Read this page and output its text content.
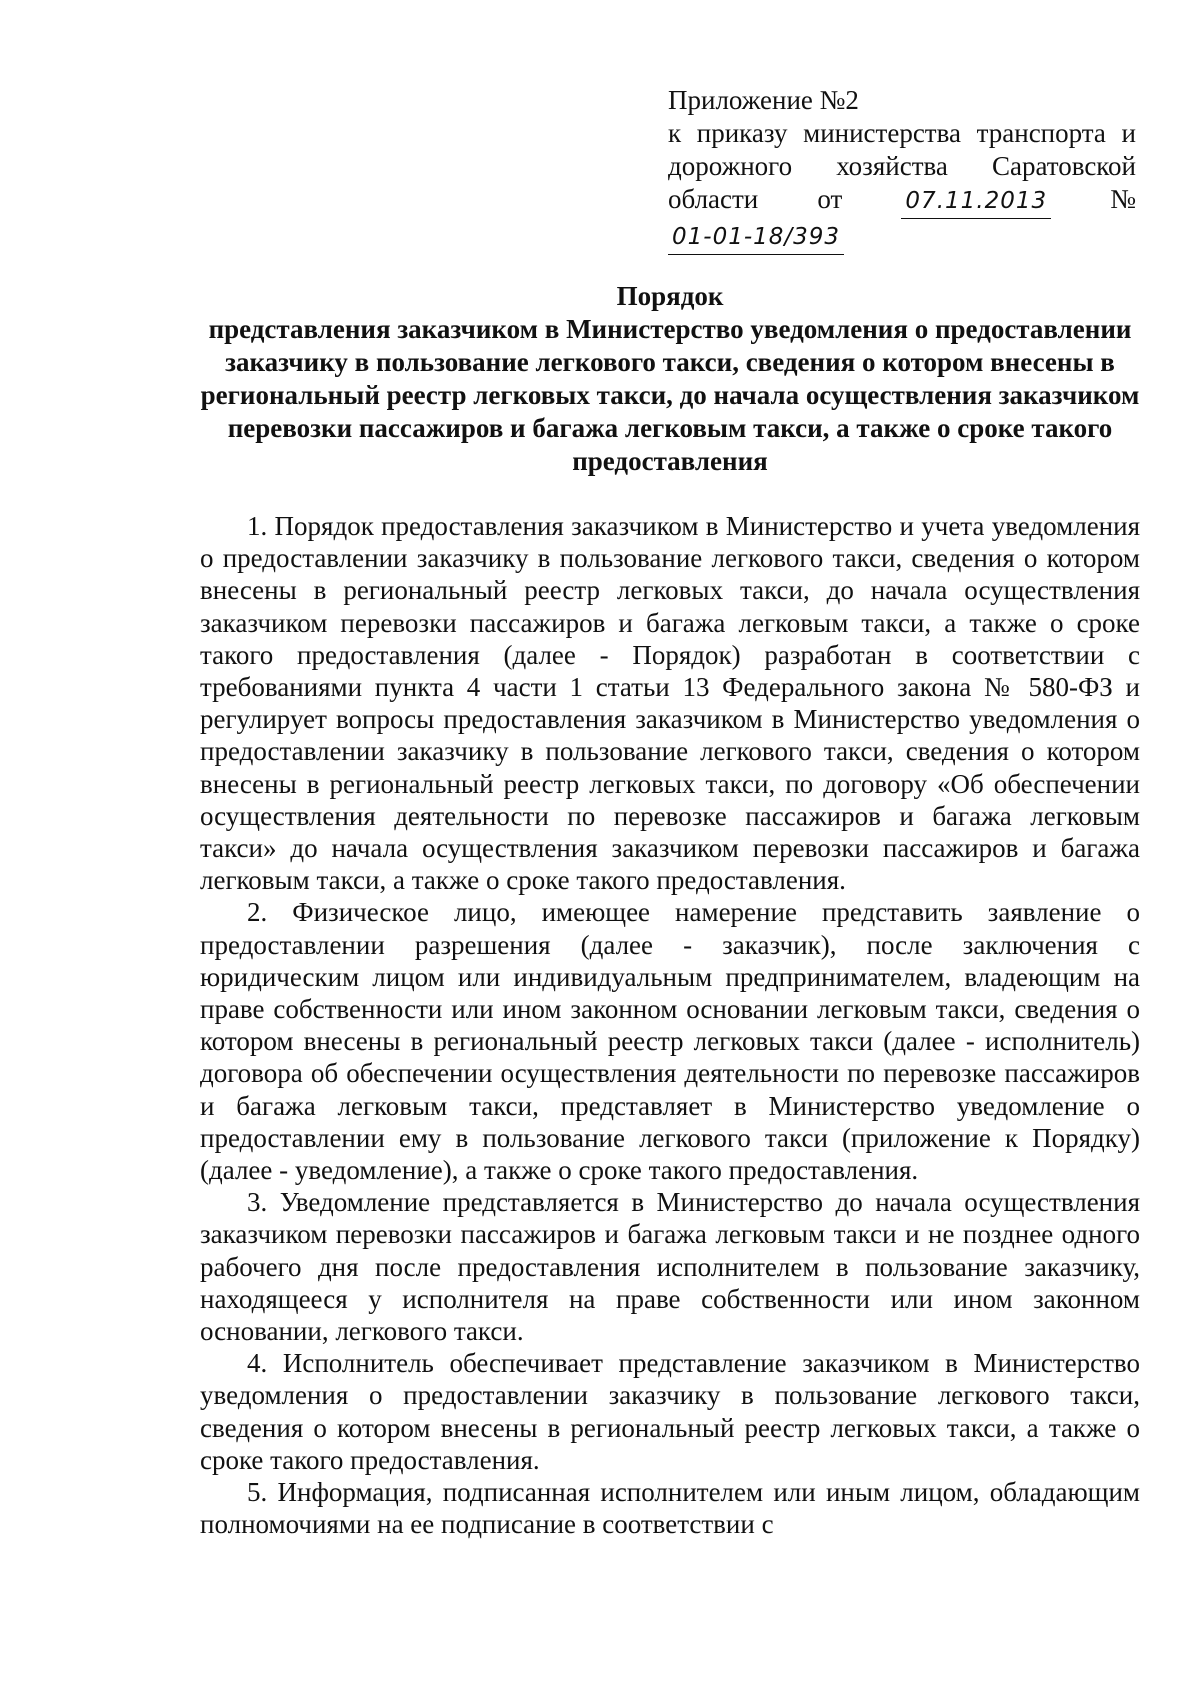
Приложение №2
к приказу министерства транспорта и
дорожного хозяйства Саратовской
области от	07.11.2013 № 01-01-18/393
Порядок
представления заказчиком в Министерство уведомления о предоставлении заказчику в пользование легкового такси, сведения о котором внесены в региональный реестр легковых такси, до начала осуществления заказчиком перевозки пассажиров и багажа легковым такси, а также о сроке такого предоставления

1. Порядок предоставления заказчиком в Министерство и учета уведомления о предоставлении заказчику в пользование легкового такси, сведения о котором внесены в региональный реестр легковых такси, до начала осуществления заказчиком перевозки пассажиров и багажа легковым такси, а также о сроке такого предоставления (далее - Порядок) разработан в соответствии с требованиями пункта 4 части 1 статьи 13 Федерального закона № 580-ФЗ и регулирует вопросы предоставления заказчиком в Министерство уведомления о предоставлении заказчику в пользование легкового такси, сведения о котором внесены в региональный реестр легковых такси, по договору «Об обеспечении осуществления деятельности по перевозке пассажиров и багажа легковым такси» до начала осуществления заказчиком перевозки пассажиров и багажа легковым такси, а также о сроке такого предоставления.

2. Физическое лицо, имеющее намерение представить заявление о предоставлении разрешения (далее - заказчик), после заключения с юридическим лицом или индивидуальным предпринимателем, владеющим на праве собственности или ином законном основании легковым такси, сведения о котором внесены в региональный реестр легковых такси (далее - исполнитель) договора об обеспечении осуществления деятельности по перевозке пассажиров и багажа легковым такси, представляет в Министерство уведомление о предоставлении ему в пользование легкового такси (приложение к Порядку) (далее - уведомление), а также о сроке такого предоставления.

3. Уведомление представляется в Министерство до начала осуществления заказчиком перевозки пассажиров и багажа легковым такси и не позднее одного рабочего дня после предоставления исполнителем в пользование заказчику, находящееся у исполнителя на праве собственности или ином законном основании, легкового такси.

4. Исполнитель обеспечивает представление заказчиком в Министерство уведомления о предоставлении заказчику в пользование легкового такси, сведения о котором внесены в региональный реестр легковых такси, а также о сроке такого предоставления.

5. Информация, подписанная исполнителем или иным лицом, обладающим полномочиями на ее подписание в соответствии с
